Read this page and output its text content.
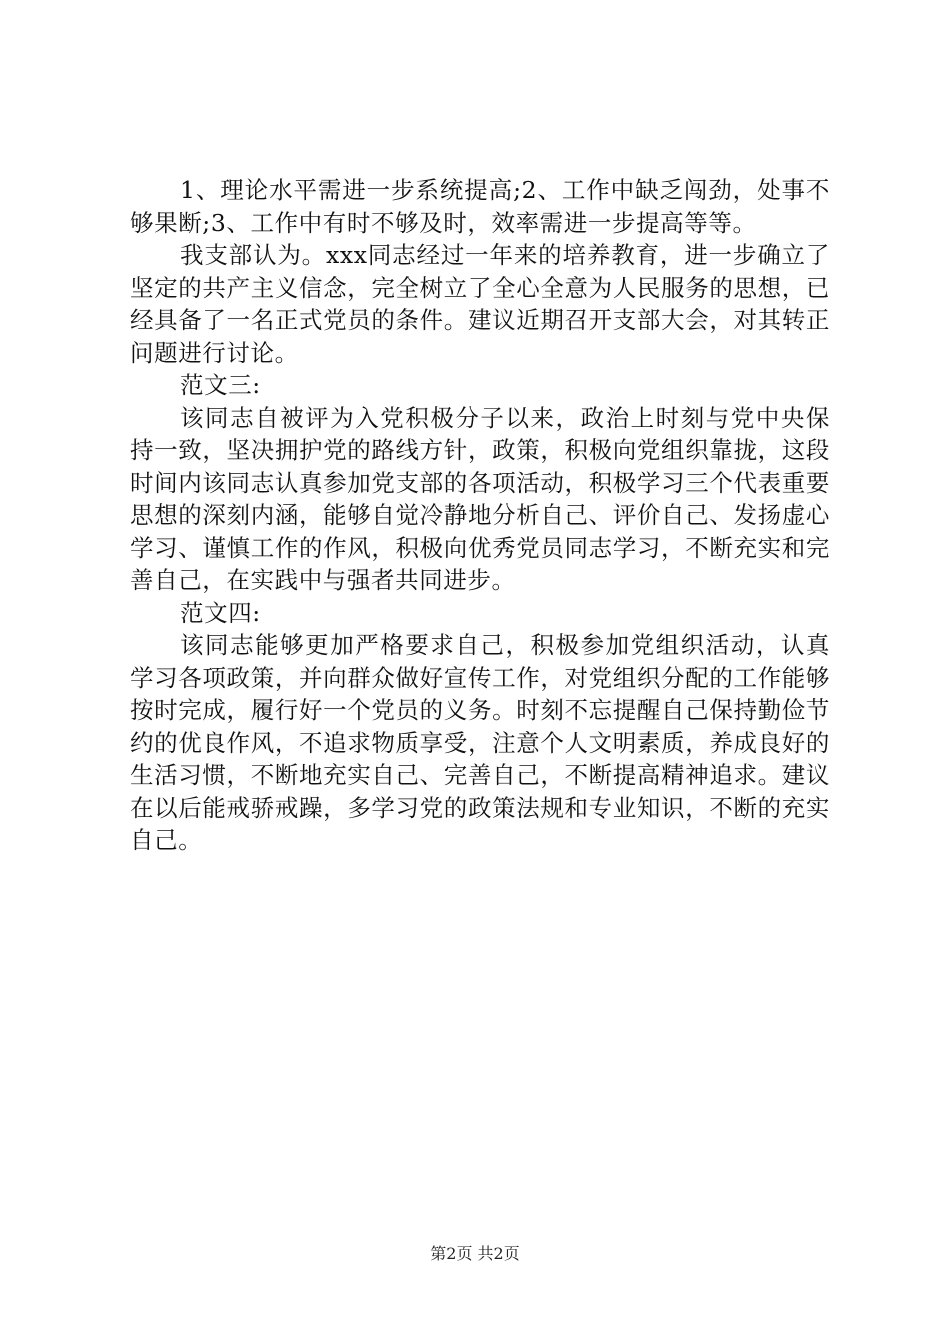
1、理论水平需进一步系统提高;2、工作中缺乏闯劲，处事不够果断;3、工作中有时不够及时，效率需进一步提高等等。

我支部认为。xxx同志经过一年来的培养教育，进一步确立了坚定的共产主义信念，完全树立了全心全意为人民服务的思想，已经具备了一名正式党员的条件。建议近期召开支部大会，对其转正问题进行讨论。

范文三:

该同志自被评为入党积极分子以来，政治上时刻与党中央保持一致，坚决拥护党的路线方针，政策，积极向党组织靠拢，这段时间内该同志认真参加党支部的各项活动，积极学习三个代表重要思想的深刻内涵，能够自觉冷静地分析自己、评价自己、发扬虚心学习、谨慎工作的作风，积极向优秀党员同志学习，不断充实和完善自己，在实践中与强者共同进步。

范文四:

该同志能够更加严格要求自己，积极参加党组织活动，认真学习各项政策，并向群众做好宣传工作，对党组织分配的工作能够按时完成，履行好一个党员的义务。时刻不忘提醒自己保持勤俭节约的优良作风，不追求物质享受，注意个人文明素质，养成良好的生活习惯，不断地充实自己、完善自己，不断提高精神追求。建议在以后能戒骄戒躁，多学习党的政策法规和专业知识，不断的充实自己。

第2页 共2页
